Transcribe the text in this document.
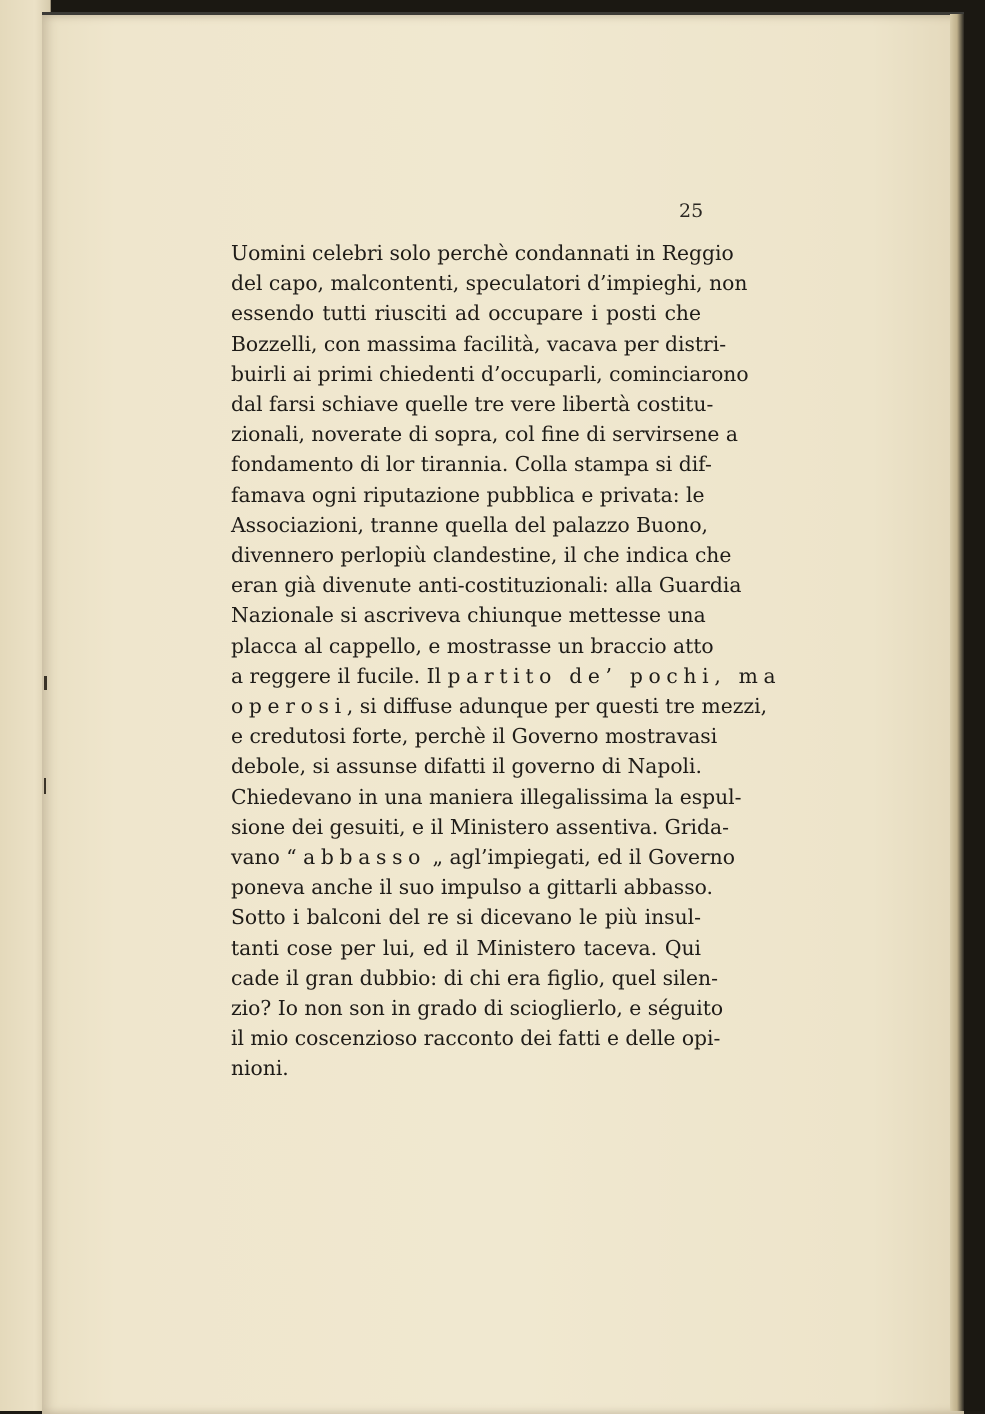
25

Uomini celebri solo perchè condannati in Reggio
del capo, malcontenti, speculatori d’impieghi, non
essendo tutti riusciti ad occupare i posti che
Bozzelli, con massima facilità, vacava per distri-
buirli ai primi chiedenti d’occuparli, cominciarono
dal farsi schiave quelle tre vere libertà costitu-
zionali, noverate di sopra, col fine di servirsene a
fondamento di lor tirannia. Colla stampa si dif-
famava ogni riputazione pubblica e privata: le
Associazioni, tranne quella del palazzo Buono,
divennero perlopiù clandestine, il che indica che
eran già divenute anti-costituzionali: alla Guardia
Nazionale si ascriveva chiunque mettesse una
placca al cappello, e mostrasse un braccio atto
a reggere il fucile. Il partito de’ pochi, ma
operosi, si diffuse adunque per questi tre mezzi,
e credutosi forte, perchè il Governo mostravasi
debole, si assunse difatti il governo di Napoli.
Chiedevano in una maniera illegalissima la espul-
sione dei gesuiti, e il Ministero assentiva. Grida-
vano “ abbasso „ agl’impiegati, ed il Governo
poneva anche il suo impulso a gittarli abbasso.
Sotto i balconi del re si dicevano le più insul-
tanti cose per lui, ed il Ministero taceva. Qui
cade il gran dubbio: di chi era figlio, quel silen-
zio? Io non son in grado di scioglierlo, e séguito
il mio coscenzioso racconto dei fatti e delle opi-
nioni.
